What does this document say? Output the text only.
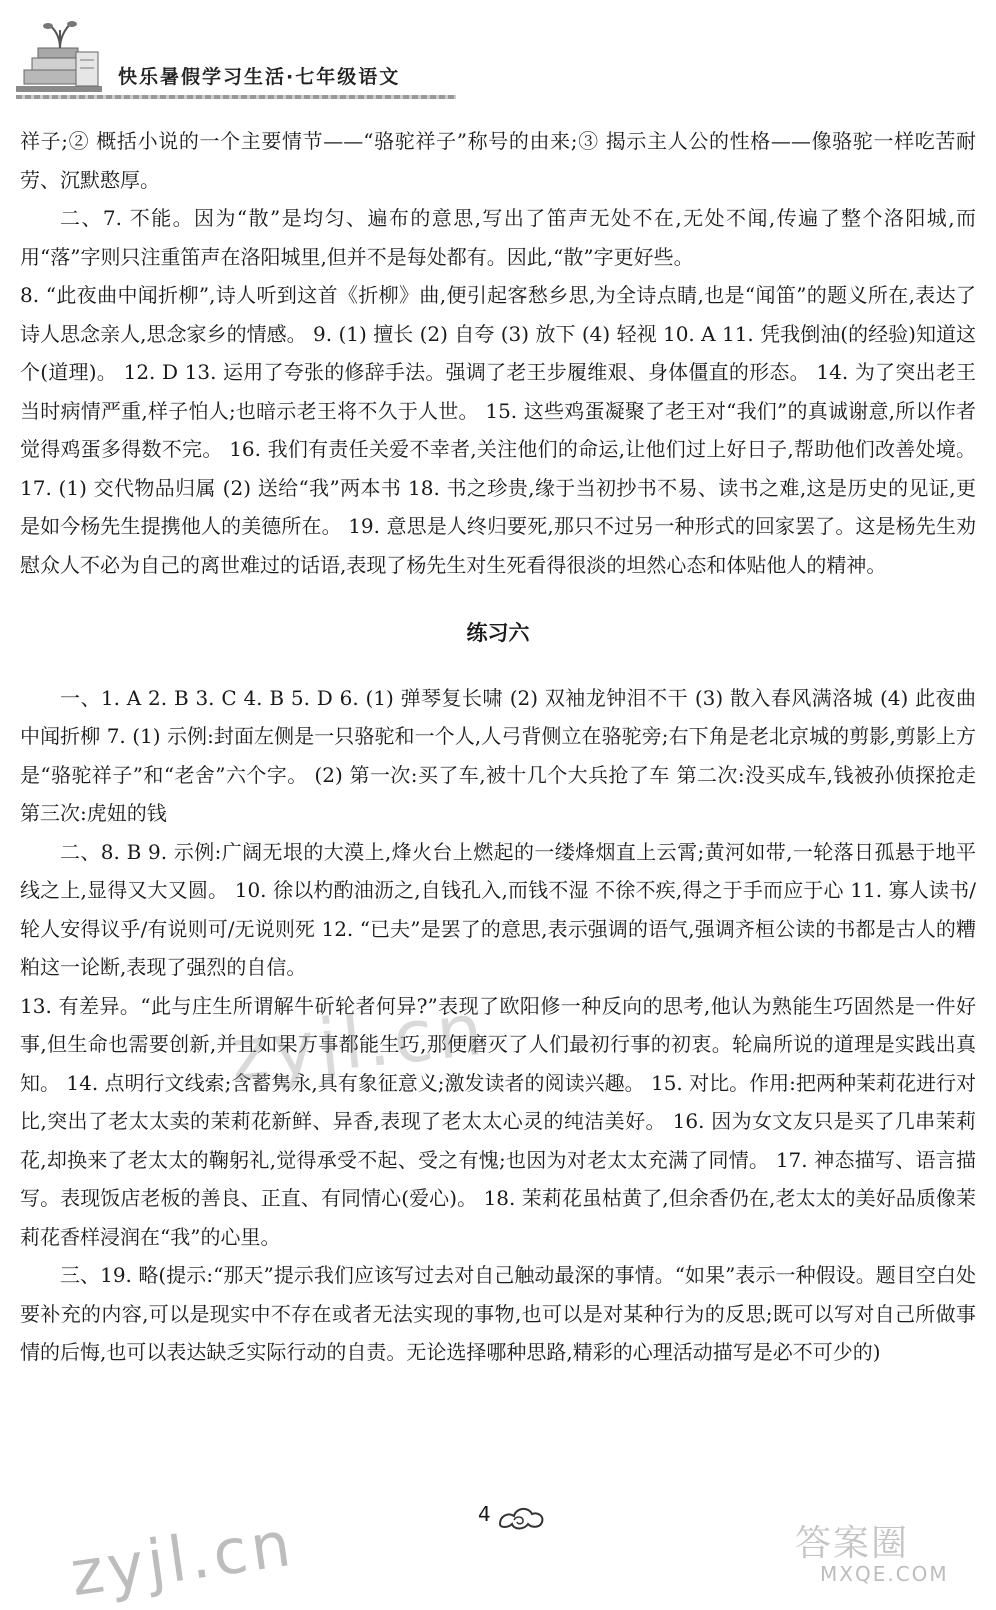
快乐暑假学习生活·七年级语文

祥子;② 概括小说的一个主要情节——“骆驼祥子”称号的由来;③ 揭示主人公的性格——像骆驼一样吃苦耐劳、沉默憨厚。

二、7. 不能。因为“散”是均匀、遍布的意思,写出了笛声无处不在,无处不闻,传遍了整个洛阳城,而用“落”字则只注重笛声在洛阳城里,但并不是每处都有。因此,“散”字更好些。

8. “此夜曲中闻折柳”,诗人听到这首《折柳》曲,便引起客愁乡思,为全诗点睛,也是“闻笛”的题义所在,表达了诗人思念亲人,思念家乡的情感。 9. (1) 擅长 (2) 自夸 (3) 放下 (4) 轻视 10. A 11. 凭我倒油(的经验)知道这个(道理)。 12. D 13. 运用了夸张的修辞手法。强调了老王步履维艰、身体僵直的形态。 14. 为了突出老王当时病情严重,样子怕人;也暗示老王将不久于人世。 15. 这些鸡蛋凝聚了老王对“我们”的真诚谢意,所以作者觉得鸡蛋多得数不完。 16. 我们有责任关爱不幸者,关注他们的命运,让他们过上好日子,帮助他们改善处境。 17. (1) 交代物品归属 (2) 送给“我”两本书 18. 书之珍贵,缘于当初抄书不易、读书之难,这是历史的见证,更是如今杨先生提携他人的美德所在。 19. 意思是人终归要死,那只不过另一种形式的回家罢了。这是杨先生劝慰众人不必为自己的离世难过的话语,表现了杨先生对生死看得很淡的坦然心态和体贴他人的精神。

练习六

一、1. A 2. B 3. C 4. B 5. D 6. (1) 弹琴复长啸 (2) 双袖龙钟泪不干 (3) 散入春风满洛城 (4) 此夜曲中闻折柳 7. (1) 示例:封面左侧是一只骆驼和一个人,人弓背侧立在骆驼旁;右下角是老北京城的剪影,剪影上方是“骆驼祥子”和“老舍”六个字。 (2) 第一次:买了车,被十几个大兵抢了车 第二次:没买成车,钱被孙侦探抢走 第三次:虎妞的钱

二、8. B 9. 示例:广阔无垠的大漠上,烽火台上燃起的一缕烽烟直上云霄;黄河如带,一轮落日孤悬于地平线之上,显得又大又圆。 10. 徐以杓酌油沥之,自钱孔入,而钱不湿 不徐不疾,得之于手而应于心 11. 寡人读书/轮人安得议乎/有说则可/无说则死 12. “已夫”是罢了的意思,表示强调的语气,强调齐桓公读的书都是古人的糟粕这一论断,表现了强烈的自信。

13. 有差异。“此与庄生所谓解牛斫轮者何异?”表现了欧阳修一种反向的思考,他认为熟能生巧固然是一件好事,但生命也需要创新,并且如果万事都能生巧,那便磨灭了人们最初行事的初衷。轮扁所说的道理是实践出真知。 14. 点明行文线索;含蓄隽永,具有象征意义;激发读者的阅读兴趣。 15. 对比。作用:把两种茉莉花进行对比,突出了老太太卖的茉莉花新鲜、异香,表现了老太太心灵的纯洁美好。 16. 因为女文友只是买了几串茉莉花,却换来了老太太的鞠躬礼,觉得承受不起、受之有愧;也因为对老太太充满了同情。 17. 神态描写、语言描写。表现饭店老板的善良、正直、有同情心(爱心)。 18. 茉莉花虽枯黄了,但余香仍在,老太太的美好品质像茉莉花香样浸润在“我”的心里。

三、19. 略(提示:“那天”提示我们应该写过去对自己触动最深的事情。“如果”表示一种假设。题目空白处要补充的内容,可以是现实中不存在或者无法实现的事物,也可以是对某种行为的反思;既可以写对自己所做事情的后悔,也可以表达缺乏实际行动的自责。无论选择哪种思路,精彩的心理活动描写是必不可少的)

zyjl.cn
4
zyjl.cn	答案圈
MXQE.COM
